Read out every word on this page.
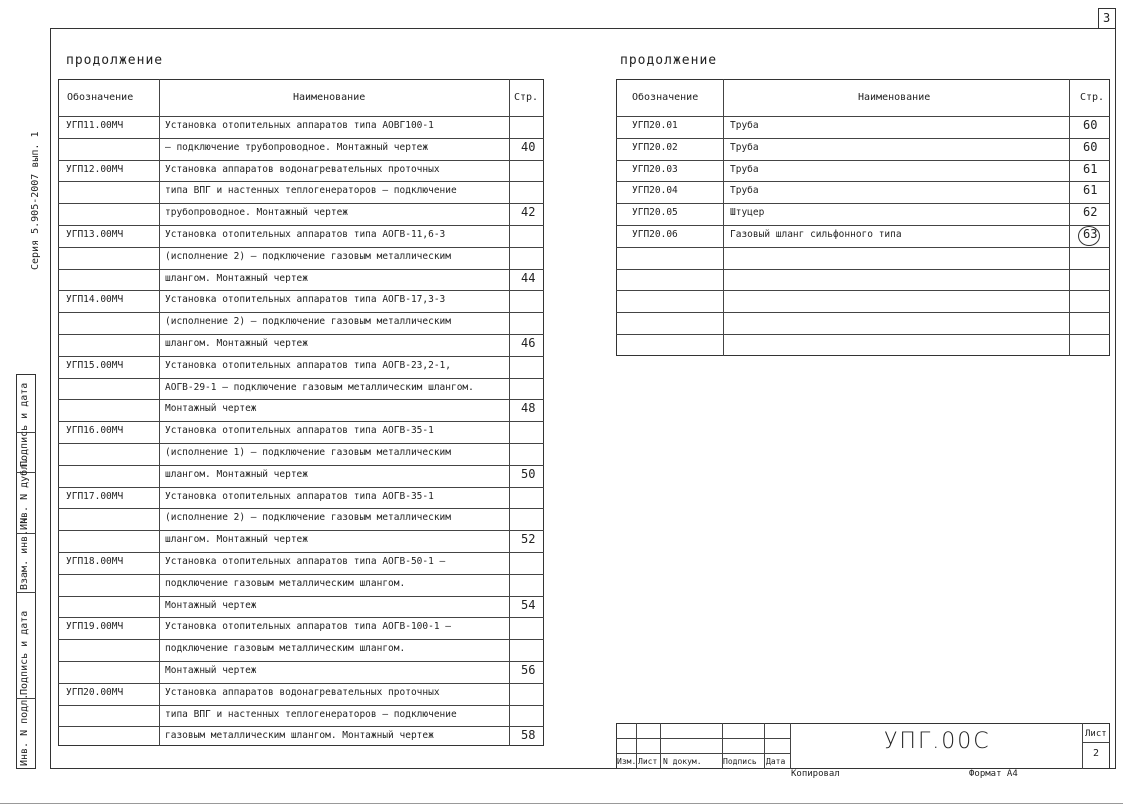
3
Серия 5.905-2007 вып. 1
Подпись и дата
Инв. N дубл.
Взам. инв. N
Подпись и дата
Инв. N подл.
продолжение
Обозначение	Наименование	Стр.
УГП11.00МЧ	Установка отопительных аппаратов типа АОВГ100-1
– подключение трубопроводное. Монтажный чертеж	40
УГП12.00МЧ	Установка аппаратов водонагревательных проточных
типа ВПГ и настенных теплогенераторов – подключение
трубопроводное. Монтажный чертеж	42
УГП13.00МЧ	Установка отопительных аппаратов типа АОГВ-11,6-3
(исполнение 2) – подключение газовым металлическим
шлангом. Монтажный чертеж	44
УГП14.00МЧ	Установка отопительных аппаратов типа АОГВ-17,3-3
(исполнение 2) – подключение газовым металлическим
шлангом. Монтажный чертеж	46
УГП15.00МЧ	Установка отопительных аппаратов типа АОГВ-23,2-1,
АОГВ-29-1 – подключение газовым металлическим шлангом.
Монтажный чертеж	48
УГП16.00МЧ	Установка отопительных аппаратов типа АОГВ-35-1
(исполнение 1) – подключение газовым металлическим
шлангом. Монтажный чертеж	50
УГП17.00МЧ	Установка отопительных аппаратов типа АОГВ-35-1
(исполнение 2) – подключение газовым металлическим
шлангом. Монтажный чертеж	52
УГП18.00МЧ	Установка отопительных аппаратов типа АОГВ-50-1 –
подключение газовым металлическим шлангом.
Монтажный чертеж	54
УГП19.00МЧ	Установка отопительных аппаратов типа АОГВ-100-1 –
подключение газовым металлическим шлангом.
Монтажный чертеж	56
УГП20.00МЧ	Установка аппаратов водонагревательных проточных
типа ВПГ и настенных теплогенераторов – подключение
газовым металлическим шлангом. Монтажный чертеж	58
продолжение
Обозначение	Наименование	Стр.
УГП20.01	Труба	60
УГП20.02	Труба	60
УГП20.03	Труба	61
УГП20.04	Труба	61
УГП20.05	Штуцер	62
УГП20.06	Газовый шланг сильфонного типа	63
Изм. Лист N докум.	Подпись Дата
УПГ.00С	Лист
2
Копировал	Формат А4
